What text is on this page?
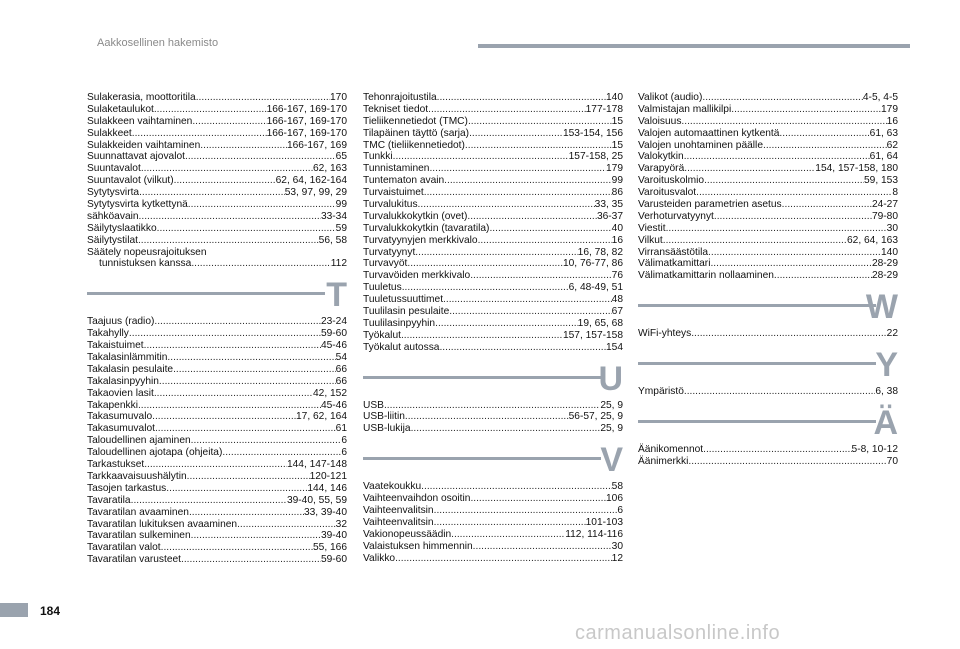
Aakkosellinen hakemisto
Sulakerasia, moottoritila .....	170
Sulaketaulukot .....	166-167, 169-170
Sulakkeen vaihtaminen .....	166-167, 169-170
Sulakkeet .....	166-167, 169-170
Sulakkeiden vaihtaminen .....	166-167, 169
Suunnattavat ajovalot .....	65
Suuntavalot .....	62, 163
Suuntavalot (vilkut) .....	62, 64, 162-164
Sytytysvirta .....	53, 97, 99, 29
Sytytysvirta kytkettynä .....	99
sähköavain .....	33-34
Säilytyslaatikko .....	59
Säilytystilat .....	56, 58
Säätely nopeusrajoituksen
tunnistuksen kanssa .....	112
T
Taajuus (radio) .....	23-24
Takahylly .....	59-60
Takaistuimet .....	45-46
Takalasinlämmitin .....	54
Takalasin pesulaite .....	66
Takalasinpyyhin .....	66
Takaovien lasit .....	42, 152
Takapenkki .....	45-46
Takasumuvalo .....	17, 62, 164
Takasumuvalot .....	61
Taloudellinen ajaminen .....	6
Taloudellinen ajotapa (ohjeita) .....	6
Tarkastukset .....	144, 147-148
Tarkkaavaisuushälytin .....	120-121
Tasojen tarkastus .....	144, 146
Tavaratila .....	39-40, 55, 59
Tavaratilan avaaminen .....	33, 39-40
Tavaratilan lukituksen avaaminen .....	32
Tavaratilan sulkeminen .....	39-40
Tavaratilan valot .....	55, 166
Tavaratilan varusteet .....	59-60
Tehonrajoitustila .....	140
Tekniset tiedot .....	177-178
Tieliikennetiedot (TMC) .....	15
Tilapäinen täyttö (sarja) .....	153-154, 156
TMC (tieliikennetiedot) .....	15
Tunkki .....	157-158, 25
Tunnistaminen .....	179
Tuntematon avain .....	99
Turvaistuimet .....	86
Turvalukitus .....	33, 35
Turvalukkokytkin (ovet) .....	36-37
Turvalukkokytkin (tavaratila) .....	40
Turvatyynyjen merkkivalo .....	16
Turvatyynyt .....	16, 78, 82
Turvavyöt .....	10, 76-77, 86
Turvavöiden merkkivalo .....	76
Tuuletus .....	6, 48-49, 51
Tuuletussuuttimet .....	48
Tuulilasin pesulaite .....	67
Tuulilasinpyyhin .....	19, 65, 68
Työkalut .....	157, 157-158
Työkalut autossa .....	154
U
USB .....	25, 9
USB-liitin .....	56-57, 25, 9
USB-lukija .....	25, 9
V
Vaatekoukku .....	58
Vaihteenvaihdon osoitin .....	106
Vaihteenvalitsin .....	6
Vaihteenvalitsin .....	101-103
Vakionopeussäädin .....	112, 114-116
Valaistuksen himmennin .....	30
Valikko .....	12
Valikot (audio) .....	4-5, 4-5
Valmistajan mallikilpi .....	179
Valoisuus .....	16
Valojen automaattinen kytkentä .....	61, 63
Valojen unohtaminen päälle .....	62
Valokytkin .....	61, 64
Varapyörä .....	154, 157-158, 180
Varoituskolmio .....	59, 153
Varoitusvalot .....	8
Varusteiden parametrien asetus .....	24-27
Verhoturvatyynyt .....	79-80
Viestit .....	30
Vilkut .....	62, 64, 163
Virransäästötila .....	140
Välimatkamittari .....	28-29
Välimatkamittarin nollaaminen .....	28-29
W
WiFi-yhteys .....	22
Y
Ympäristö .....	6, 38
Ä
Äänikomennot .....	5-8, 10-12
Äänimerkki .....	70
184
carmanualsonline.info
